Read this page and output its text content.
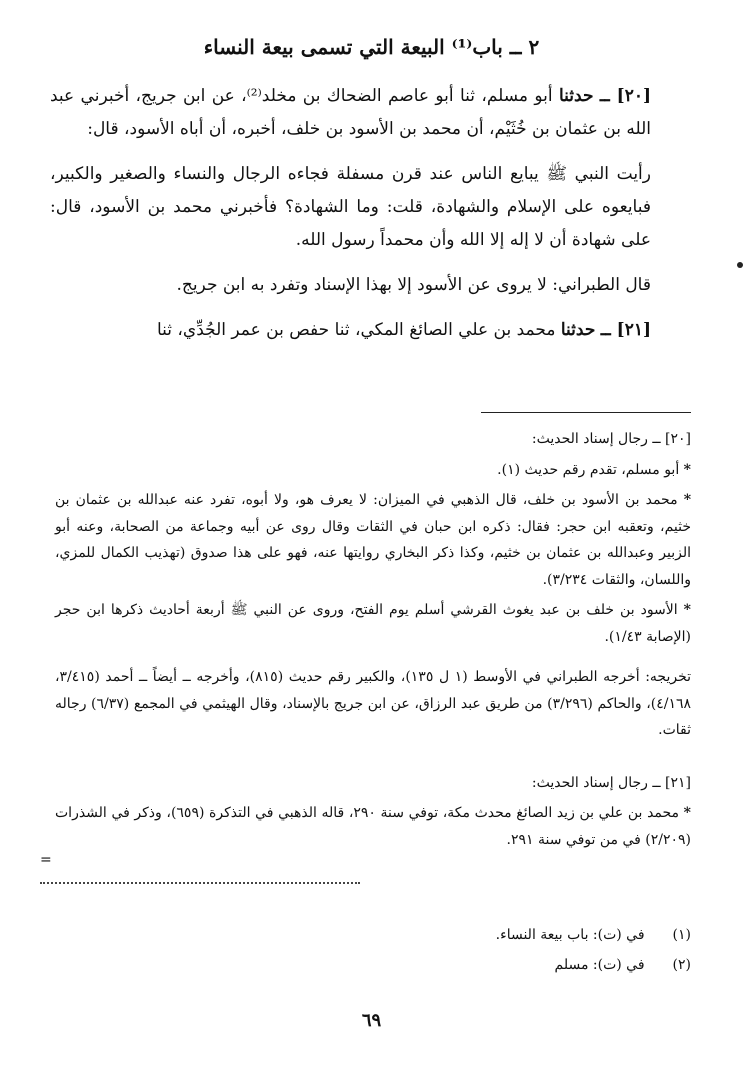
٢ ــ باب⁽¹⁾ البيعة التي تسمى بيعة النساء

[٢٠] ــ حدثنا أبو مسلم، ثنا أبو عاصم الضحاك بن مخلد⁽²⁾، عن ابن جريج، أخبرني عبد الله بن عثمان بن خُثَيْم، أن محمد بن الأسود بن خلف، أخبره، أن أباه الأسود، قال:

رأيت النبي ﷺ يبايع الناس عند قرن مسفلة فجاءه الرجال والنساء والصغير والكبير، فبايعوه على الإسلام والشهادة، قلت: وما الشهادة؟ فأخبرني محمد بن الأسود، قال: على شهادة أن لا إله إلا الله وأن محمداً رسول الله.

قال الطبراني: لا يروى عن الأسود إلا بهذا الإسناد وتفرد به ابن جريج.

[٢١] ــ حدثنا محمد بن علي الصائغ المكي، ثنا حفص بن عمر الجُدِّي، ثنا

[٢٠] ــ رجال إسناد الحديث:

* أبو مسلم، تقدم رقم حديث (١).

* محمد بن الأسود بن خلف، قال الذهبي في الميزان: لا يعرف هو، ولا أبوه، تفرد عنه عبدالله بن عثمان بن خثيم، وتعقبه ابن حجر: فقال: ذكره ابن حبان في الثقات وقال روى عن أبيه وجماعة من الصحابة، وعنه أبو الزبير وعبدالله بن عثمان بن خثيم، وكذا ذكر البخاري روايتها عنه، فهو على هذا صدوق (تهذيب الكمال للمزي، واللسان، والثقات ٣/٢٣٤).

* الأسود بن خلف بن عبد يغوث القرشي أسلم يوم الفتح، وروى عن النبي ﷺ أربعة أحاديث ذكرها ابن حجر (الإصابة ١/٤٣).

تخريجه: أخرجه الطبراني في الأوسط (١ ل ١٣٥)، والكبير رقم حديث (٨١٥)، وأخرجه ــ أيضاً ــ أحمد (٣/٤١٥، ٤/١٦٨)، والحاكم (٣/٢٩٦) من طريق عبد الرزاق، عن ابن جريج بالإسناد، وقال الهيثمي في المجمع (٦/٣٧) رجاله ثقات.

[٢١] ــ رجال إسناد الحديث:

* محمد بن علي بن زيد الصائغ محدث مكة، توفي سنة ٢٩٠، قاله الذهبي في التذكرة (٦٥٩)، وذكر في الشذرات (٢/٢٠٩) في من توفي سنة ٢٩١.

(١) في (ت): باب بيعة النساء.
(٢) في (ت): مسلم
٦٩
=
